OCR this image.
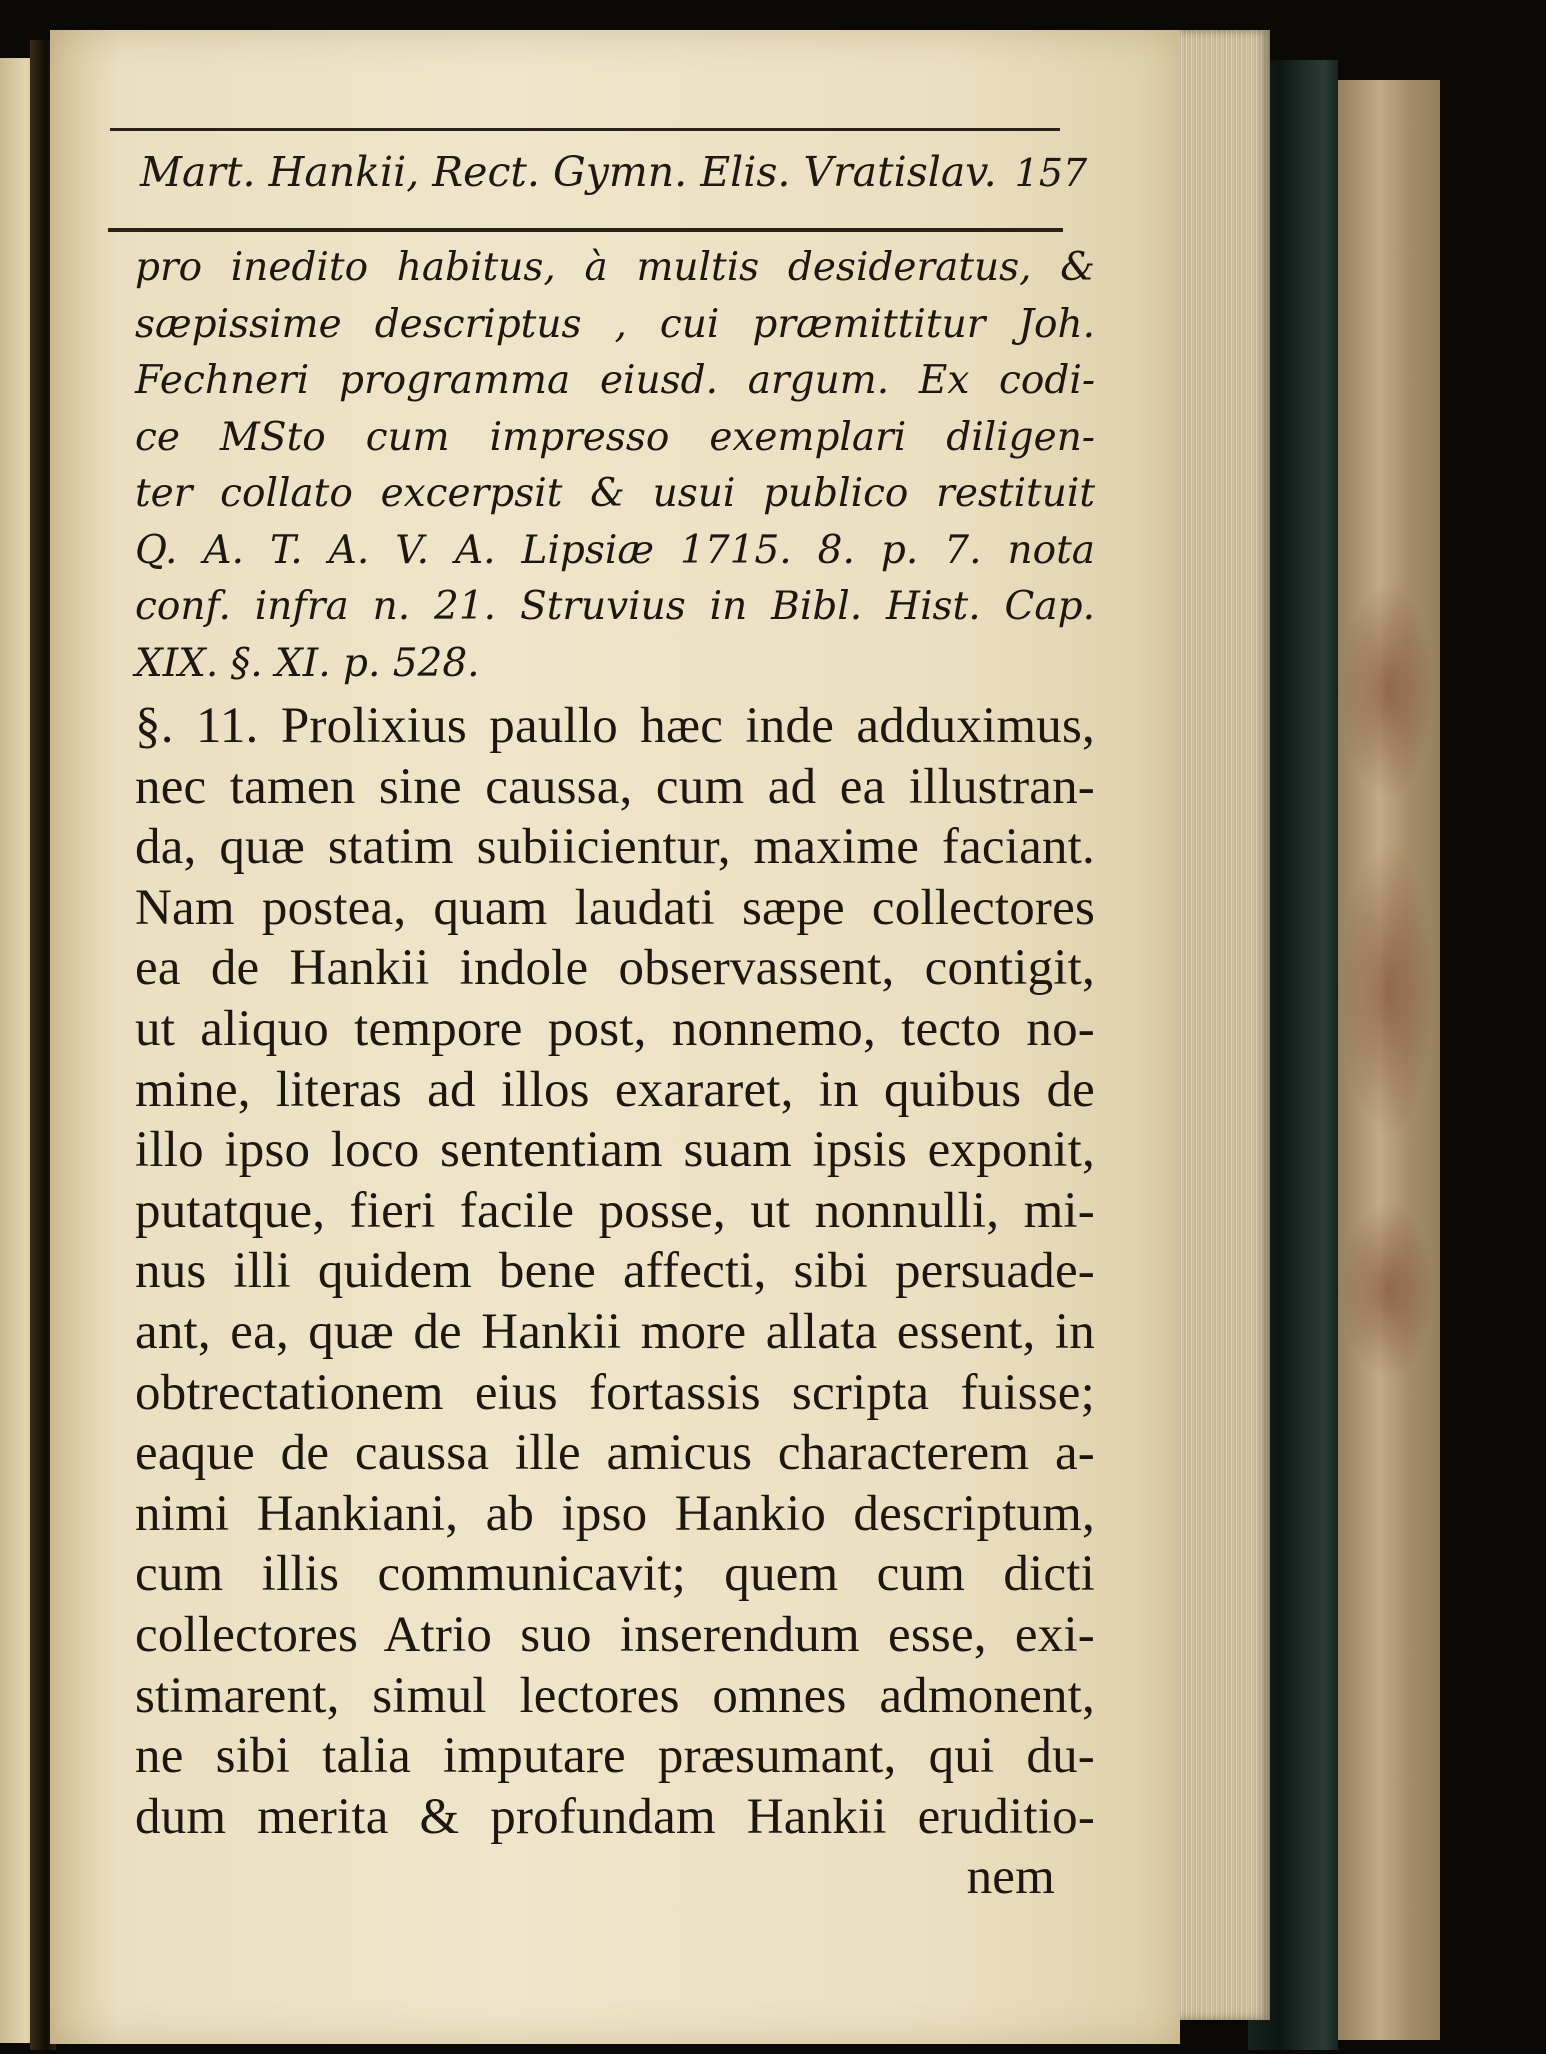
Mart. Hankii, Rect. Gymn. Elis. Vratislav. 157
pro inedito habitus, à multis desideratus, &
sæpissime descriptus , cui præmittitur Joh.
Fechneri programma eiusd. argum. Ex codi-
ce MSto cum impresso exemplari diligen-
ter collato excerpsit & usui publico restituit
Q. A. T. A. V. A. Lipsiæ 1715. 8. p. 7. nota
conf. infra n. 21. Struvius in Bibl. Hist. Cap.
XIX. §. XI. p. 528.
§. 11. Prolixius paullo hæc inde adduximus,
nec tamen sine caussa, cum ad ea illustran-
da, quæ statim subiicientur, maxime faciant.
Nam postea, quam laudati sæpe collectores
ea de Hankii indole observassent, contigit,
ut aliquo tempore post, nonnemo, tecto no-
mine, literas ad illos exararet, in quibus de
illo ipso loco sententiam suam ipsis exponit,
putatque, fieri facile posse, ut nonnulli, mi-
nus illi quidem bene affecti, sibi persuade-
ant, ea, quæ de Hankii more allata essent, in
obtrectationem eius fortassis scripta fuisse;
eaque de caussa ille amicus characterem a-
nimi Hankiani, ab ipso Hankio descriptum,
cum illis communicavit; quem cum dicti
collectores Atrio suo inserendum esse, exi-
stimarent, simul lectores omnes admonent,
ne sibi talia imputare præsumant, qui du-
dum merita & profundam Hankii eruditio-
nem
